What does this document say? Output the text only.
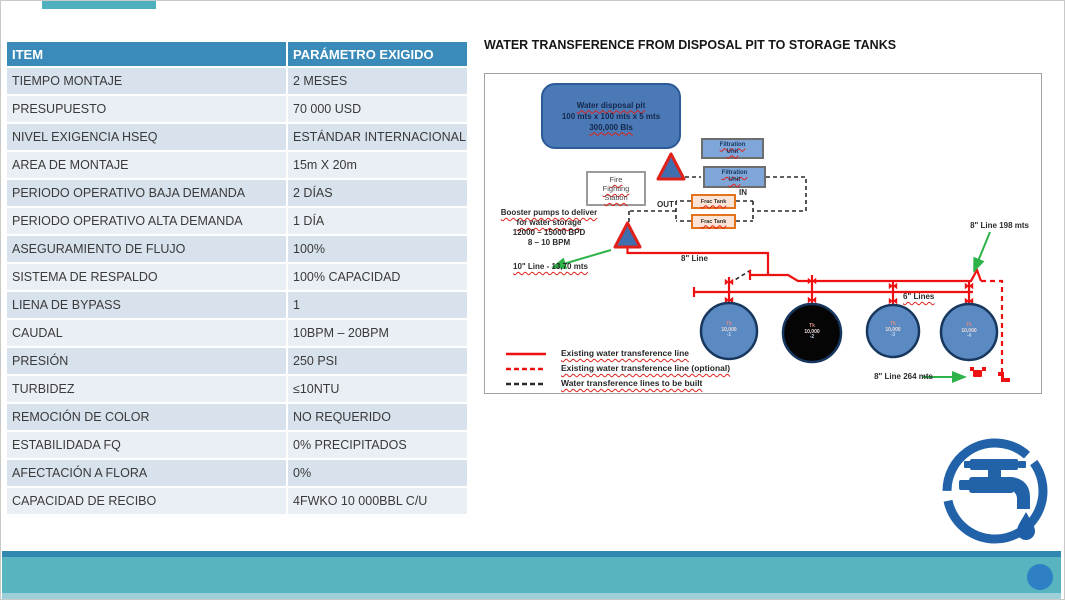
ITEM	PARÁMETRO EXIGIDO
TIEMPO MONTAJE	2 MESES
PRESUPUESTO	70 000 USD
NIVEL EXIGENCIA HSEQ	ESTÁNDAR INTERNACIONAL
AREA DE MONTAJE	15m X 20m
PERIODO OPERATIVO BAJA DEMANDA	2 DÍAS
PERIODO OPERATIVO ALTA DEMANDA	1 DÍA
ASEGURAMIENTO DE FLUJO	100%
SISTEMA DE RESPALDO	100% CAPACIDAD
LIENA DE BYPASS	1
CAUDAL	10BPM – 20BPM
PRESIÓN	250 PSI
TURBIDEZ	≤10NTU
REMOCIÓN DE COLOR	NO REQUERIDO
ESTABILIDADA FQ	0% PRECIPITADOS
AFECTACIÓN A FLORA	0%
CAPACIDAD DE RECIBO	4FWKO 10 000BBL C/U
WATER TRANSFERENCE FROM DISPOSAL PIT TO STORAGE TANKS
Water disposal pit
100 mts x 100 mts x 5 mts
300,000 Bls
Fire
Fighting
Station
Filtration
Unit
Filtration
Unit
Frac Tank
Frac Tank
OUT
IN
Booster pumps to deliver
for water storage
12000 – 15000 BPD
8 – 10 BPM
10" Line - 13,70 mts
8" Line
6" Lines
8" Line 198 mts
8" Line 264 mts
Tk
10,000
-1
Tk
10,000
-2
Tk
10,000
-3
Tk
10,000
-4
Existing water transference line
Existing water transference line (optional)
Water transference lines to be built
